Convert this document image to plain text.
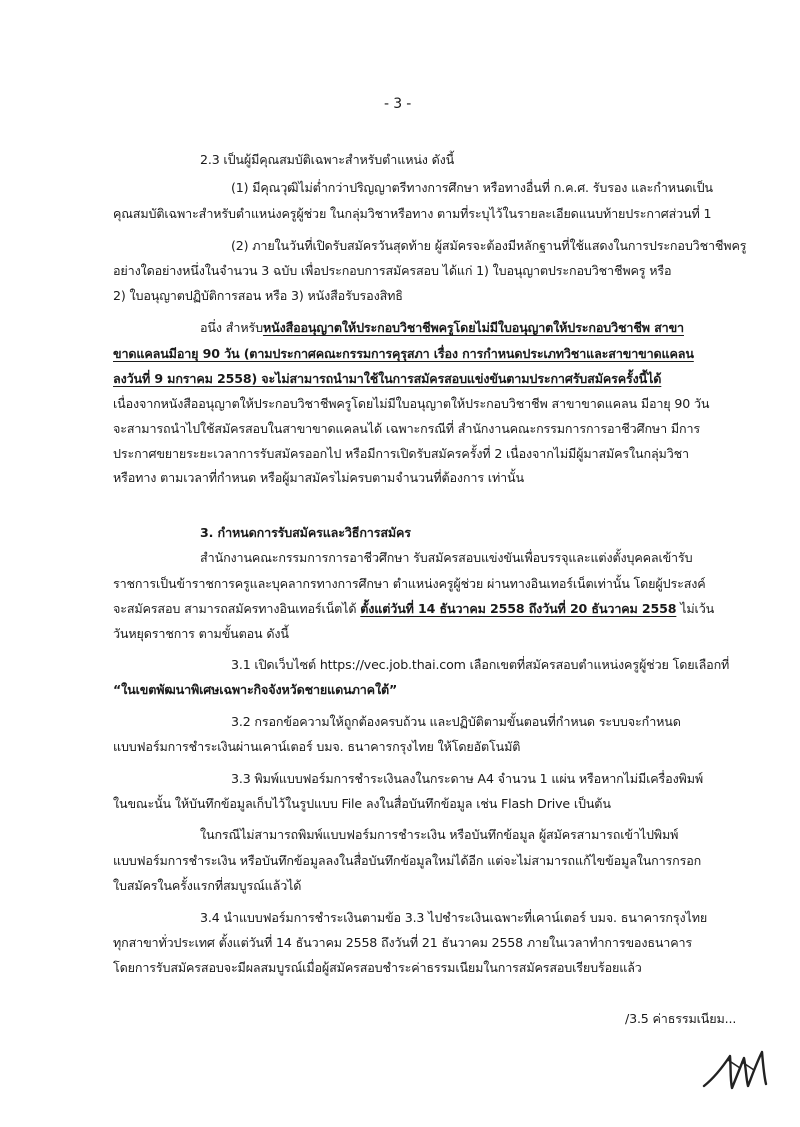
- 3 -
2.3 เป็นผู้มีคุณสมบัติเฉพาะสำหรับตำแหน่ง ดังนี้
(1) มีคุณวุฒิไม่ต่ำกว่าปริญญาตรีทางการศึกษา หรือทางอื่นที่ ก.ค.ศ. รับรอง และกำหนดเป็น
คุณสมบัติเฉพาะสำหรับตำแหน่งครูผู้ช่วย ในกลุ่มวิชาหรือทาง ตามที่ระบุไว้ในรายละเอียดแนบท้ายประกาศส่วนที่ 1
(2) ภายในวันที่เปิดรับสมัครวันสุดท้าย ผู้สมัครจะต้องมีหลักฐานที่ใช้แสดงในการประกอบวิชาชีพครู
อย่างใดอย่างหนึ่งในจำนวน 3 ฉบับ เพื่อประกอบการสมัครสอบ ได้แก่ 1) ใบอนุญาตประกอบวิชาชีพครู หรือ
2) ใบอนุญาตปฏิบัติการสอน หรือ 3) หนังสือรับรองสิทธิ
อนึ่ง สำหรับหนังสืออนุญาตให้ประกอบวิชาชีพครูโดยไม่มีใบอนุญาตให้ประกอบวิชาชีพ สาขา
ขาดแคลนมีอายุ 90 วัน (ตามประกาศคณะกรรมการคุรุสภา เรื่อง การกำหนดประเภทวิชาและสาขาขาดแคลน
ลงวันที่ 9 มกราคม 2558) จะไม่สามารถนำมาใช้ในการสมัครสอบแข่งขันตามประกาศรับสมัครครั้งนี้ได้
เนื่องจากหนังสืออนุญาตให้ประกอบวิชาชีพครูโดยไม่มีใบอนุญาตให้ประกอบวิชาชีพ สาขาขาดแคลน มีอายุ 90 วัน
จะสามารถนำไปใช้สมัครสอบในสาขาขาดแคลนได้ เฉพาะกรณีที่ สำนักงานคณะกรรมการการอาชีวศึกษา มีการ
ประกาศขยายระยะเวลาการรับสมัครออกไป หรือมีการเปิดรับสมัครครั้งที่ 2 เนื่องจากไม่มีผู้มาสมัครในกลุ่มวิชา
หรือทาง ตามเวลาที่กำหนด หรือผู้มาสมัครไม่ครบตามจำนวนที่ต้องการ เท่านั้น
3. กำหนดการรับสมัครและวิธีการสมัคร
สำนักงานคณะกรรมการการอาชีวศึกษา รับสมัครสอบแข่งขันเพื่อบรรจุและแต่งตั้งบุคคลเข้ารับ
ราชการเป็นข้าราชการครูและบุคลากรทางการศึกษา ตำแหน่งครูผู้ช่วย ผ่านทางอินเทอร์เน็ตเท่านั้น โดยผู้ประสงค์
จะสมัครสอบ สามารถสมัครทางอินเทอร์เน็ตได้ ตั้งแต่วันที่ 14 ธันวาคม 2558 ถึงวันที่ 20 ธันวาคม 2558 ไม่เว้น
วันหยุดราชการ ตามขั้นตอน ดังนี้
3.1 เปิดเว็บไซต์ https://vec.job.thai.com เลือกเขตที่สมัครสอบตำแหน่งครูผู้ช่วย โดยเลือกที่
“ในเขตพัฒนาพิเศษเฉพาะกิจจังหวัดชายแดนภาคใต้”
3.2 กรอกข้อความให้ถูกต้องครบถ้วน และปฏิบัติตามขั้นตอนที่กำหนด ระบบจะกำหนด
แบบฟอร์มการชำระเงินผ่านเคาน์เตอร์ บมจ. ธนาคารกรุงไทย ให้โดยอัตโนมัติ
3.3 พิมพ์แบบฟอร์มการชำระเงินลงในกระดาษ A4 จำนวน 1 แผ่น หรือหากไม่มีเครื่องพิมพ์
ในขณะนั้น ให้บันทึกข้อมูลเก็บไว้ในรูปแบบ File ลงในสื่อบันทึกข้อมูล เช่น Flash Drive เป็นต้น
ในกรณีไม่สามารถพิมพ์แบบฟอร์มการชำระเงิน หรือบันทึกข้อมูล ผู้สมัครสามารถเข้าไปพิมพ์
แบบฟอร์มการชำระเงิน หรือบันทึกข้อมูลลงในสื่อบันทึกข้อมูลใหม่ได้อีก แต่จะไม่สามารถแก้ไขข้อมูลในการกรอก
ใบสมัครในครั้งแรกที่สมบูรณ์แล้วได้
3.4 นำแบบฟอร์มการชำระเงินตามข้อ 3.3 ไปชำระเงินเฉพาะที่เคาน์เตอร์ บมจ. ธนาคารกรุงไทย
ทุกสาขาทั่วประเทศ ตั้งแต่วันที่ 14 ธันวาคม 2558 ถึงวันที่ 21 ธันวาคม 2558 ภายในเวลาทำการของธนาคาร
โดยการรับสมัครสอบจะมีผลสมบูรณ์เมื่อผู้สมัครสอบชำระค่าธรรมเนียมในการสมัครสอบเรียบร้อยแล้ว
/3.5 ค่าธรรมเนียม...
